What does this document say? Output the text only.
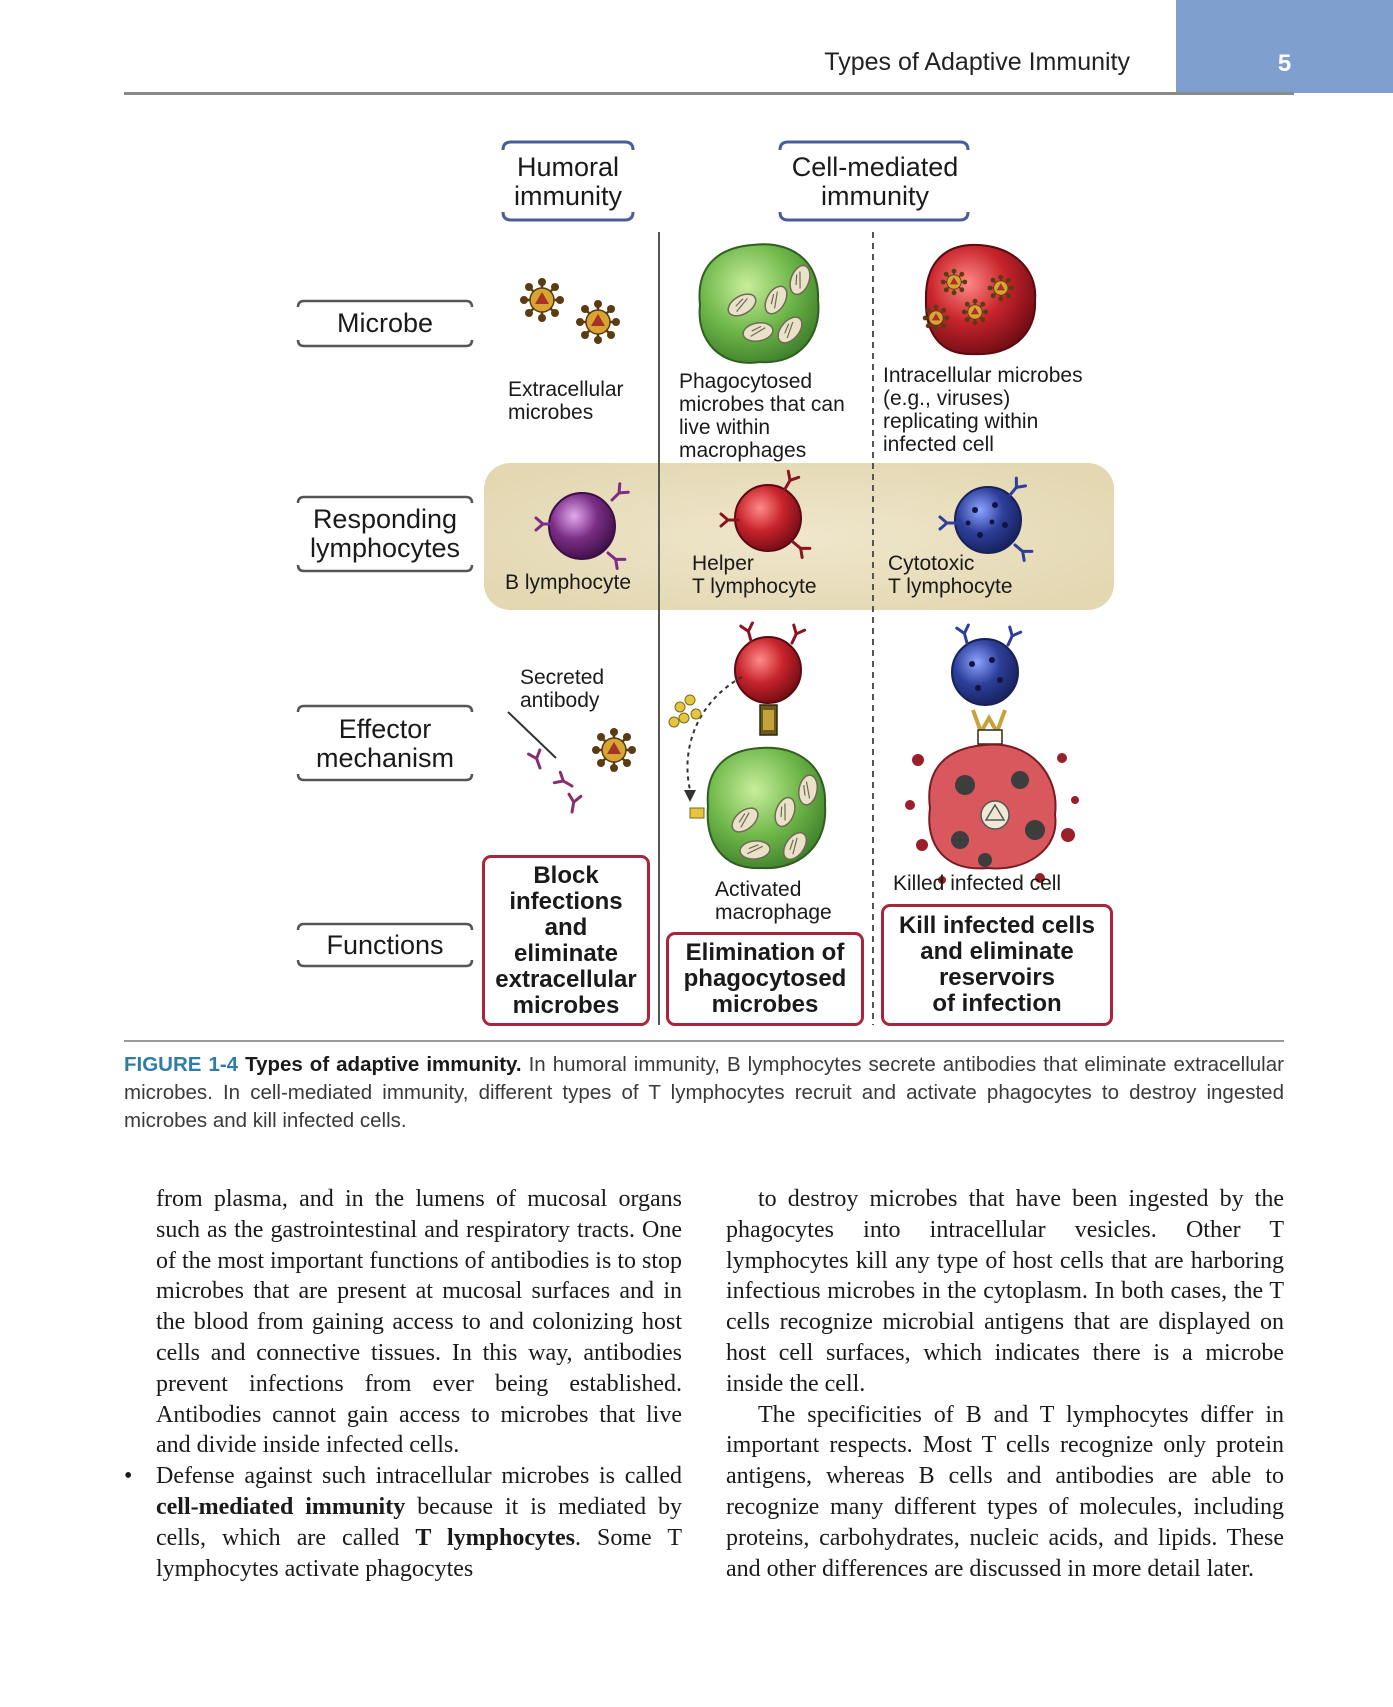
Types of Adaptive Immunity	5
Humoral
immunity
Cell-mediated
immunity
Microbe
Responding
lymphocytes
Effector
mechanism
Functions
Extracellular
microbes
Phagocytosed
microbes that can
live within
macrophages
Intracellular microbes
(e.g., viruses)
replicating within
infected cell
B lymphocyte
Helper
T lymphocyte
Cytotoxic
T lymphocyte
Secreted
antibody
Activated
macrophage
Killed infected cell
Block
infections
and
eliminate
extracellular
microbes
Elimination of
phagocytosed
microbes
Kill infected cells
and eliminate
reservoirs
of infection
FIGURE 1-4 Types of adaptive immunity. In humoral immunity, B lymphocytes secrete antibodies that eliminate extracellular microbes. In cell-mediated immunity, different types of T lymphocytes recruit and activate phagocytes to destroy ingested microbes and kill infected cells.

from plasma, and in the lumens of mucosal organs such as the gastrointestinal and respiratory tracts. One of the most important functions of antibodies is to stop microbes that are present at mucosal surfaces and in the blood from gaining access to and colonizing host cells and connective tissues. In this way, antibodies prevent infections from ever being established. Antibodies cannot gain access to microbes that live and divide inside infected cells.

• Defense against such intracellular microbes is called cell-mediated immunity because it is mediated by cells, which are called T lymphocytes. Some T lymphocytes activate phagocytes

to destroy microbes that have been ingested by the phagocytes into intracellular vesicles. Other T lymphocytes kill any type of host cells that are harboring infectious microbes in the cytoplasm. In both cases, the T cells recognize microbial antigens that are displayed on host cell surfaces, which indicates there is a microbe inside the cell.

The specificities of B and T lymphocytes differ in important respects. Most T cells recognize only protein antigens, whereas B cells and antibodies are able to recognize many different types of molecules, including proteins, carbohydrates, nucleic acids, and lipids. These and other differences are discussed in more detail later.
